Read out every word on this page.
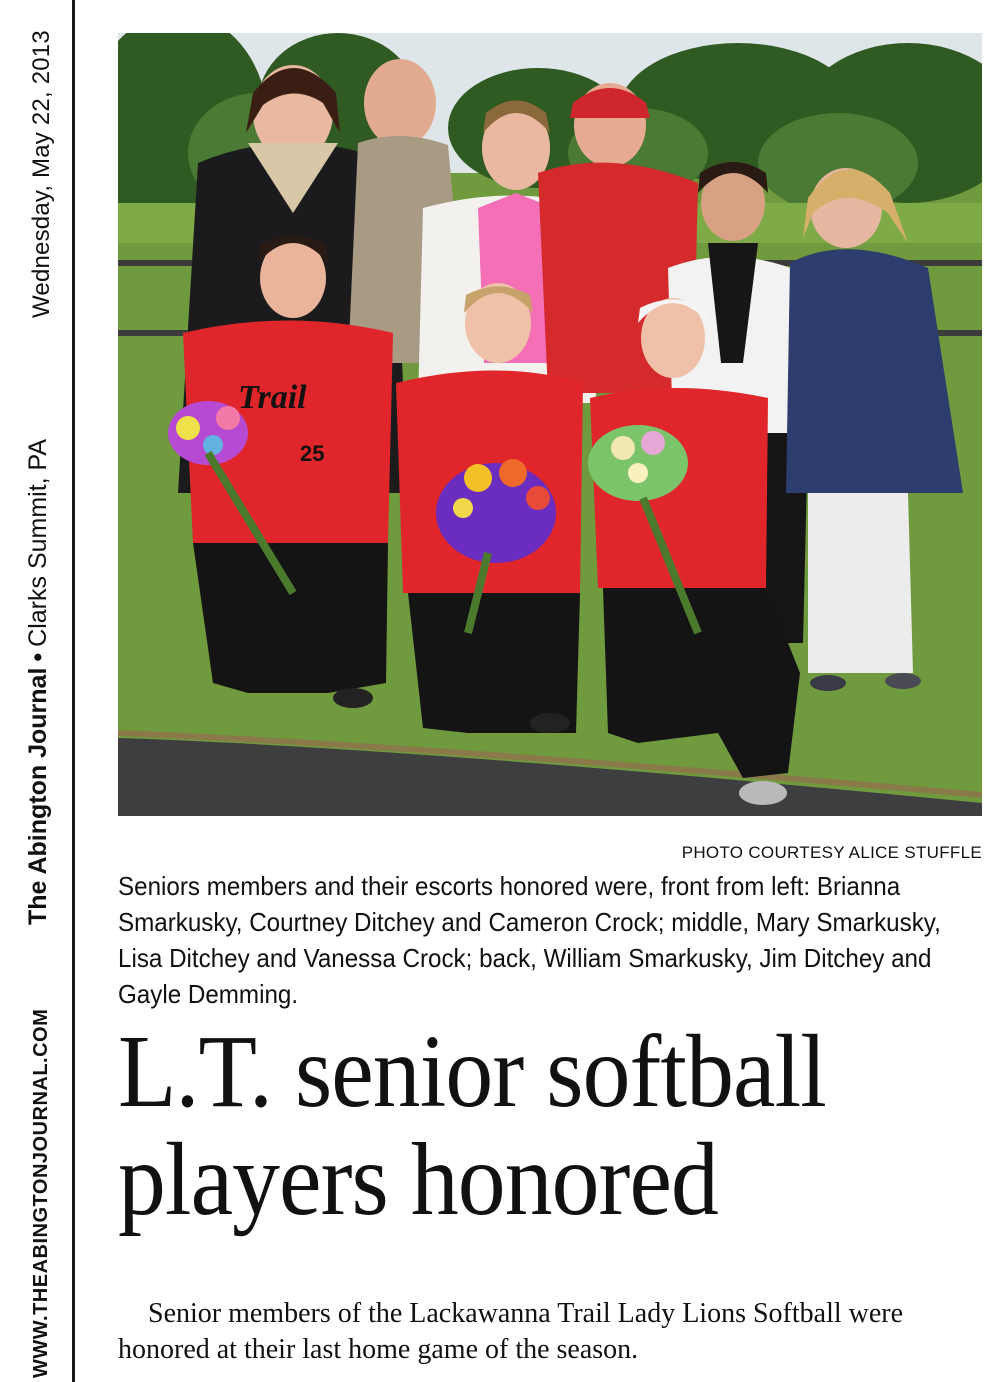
Wednesday, May 22, 2013
The Abington Journal•Clarks Summit, PA
WWW.THEABINGTONJOURNAL.COM
Trail
25
PHOTO COURTESY ALICE STUFFLE
Seniors members and their escorts honored were, front from left: Brianna Smarkusky, Courtney Ditchey and Cameron Crock; middle, Mary Smarkusky, Lisa Ditchey and Vanessa Crock; back, William Smarkusky, Jim Ditchey and Gayle Demming.
L.T. senior softball
players honored
Senior members of the Lackawanna Trail Lady Lions Softball were honored at their last home game of the season.
